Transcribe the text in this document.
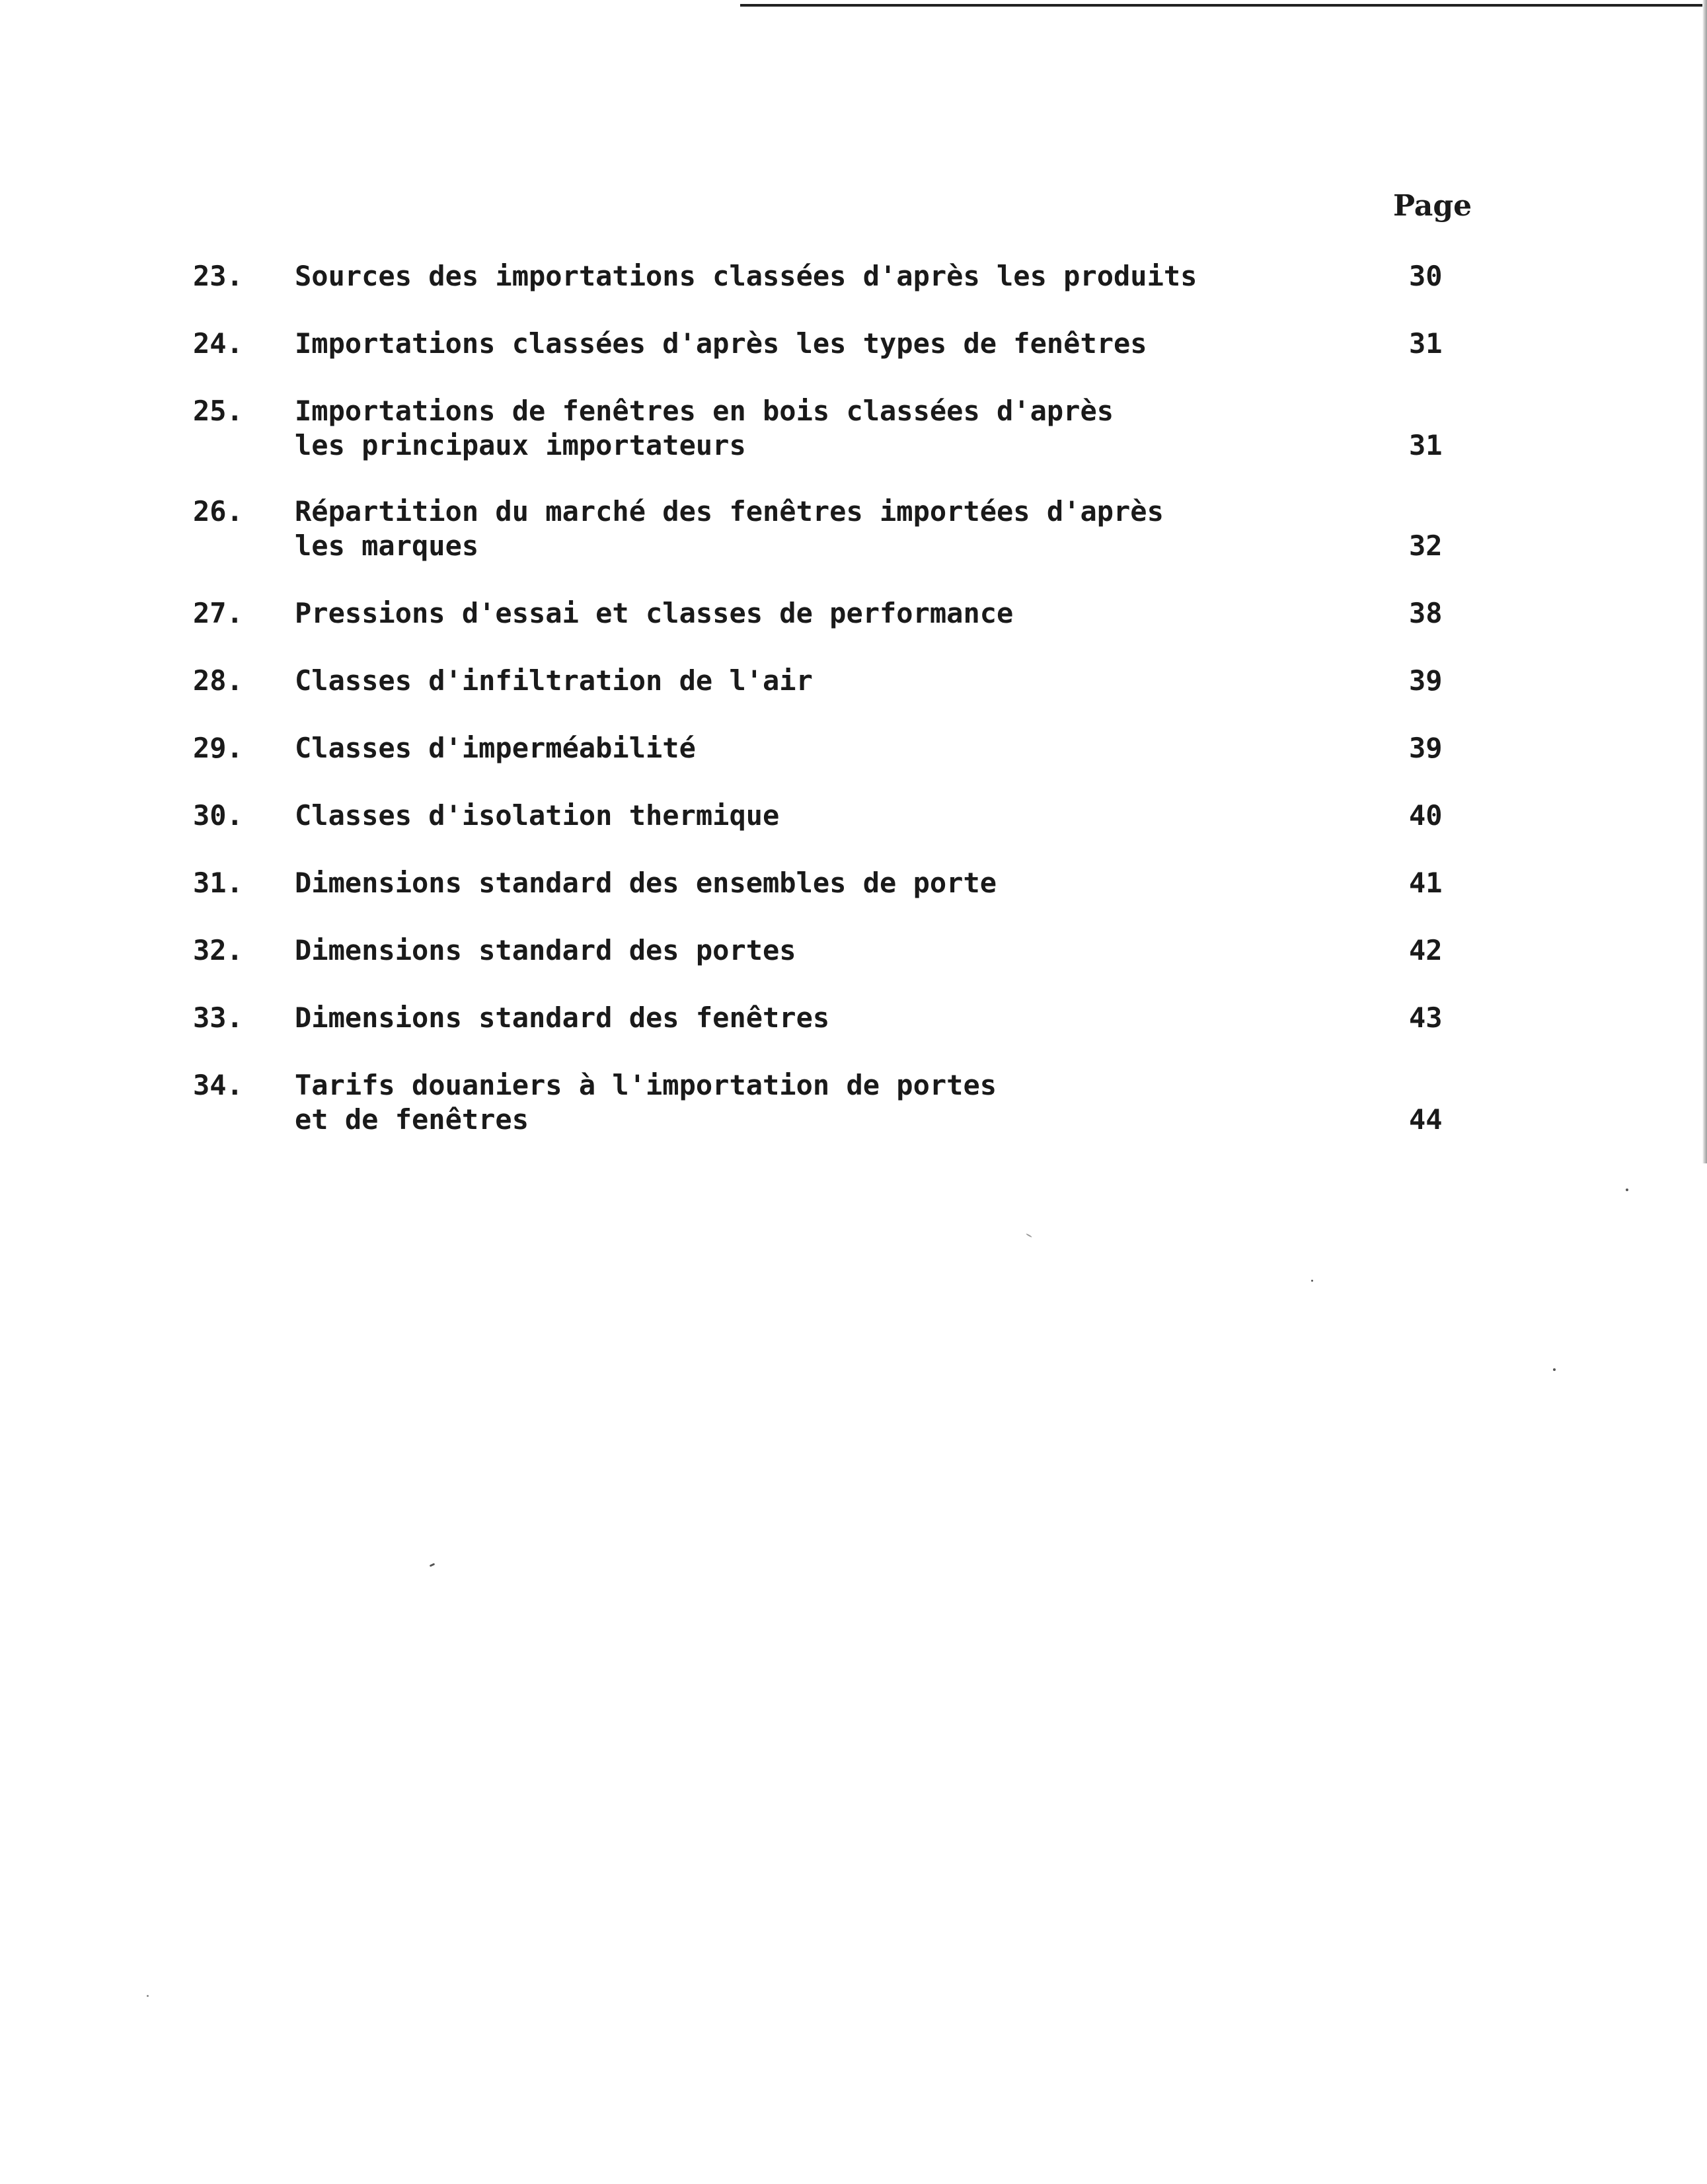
Page
23. Sources des importations classées d'après les produits	30
24. Importations classées d'après les types de fenêtres	31
25. Importations de fenêtres en bois classées d'après
les principaux importateurs	31
26. Répartition du marché des fenêtres importées d'après
les marques	32
27. Pressions d'essai et classes de performance	38
28. Classes d'infiltration de l'air	39
29. Classes d'imperméabilité	39
30. Classes d'isolation thermique	40
31. Dimensions standard des ensembles de porte	41
32. Dimensions standard des portes	42
33. Dimensions standard des fenêtres	43
34. Tarifs douaniers à l'importation de portes
et de fenêtres	44
